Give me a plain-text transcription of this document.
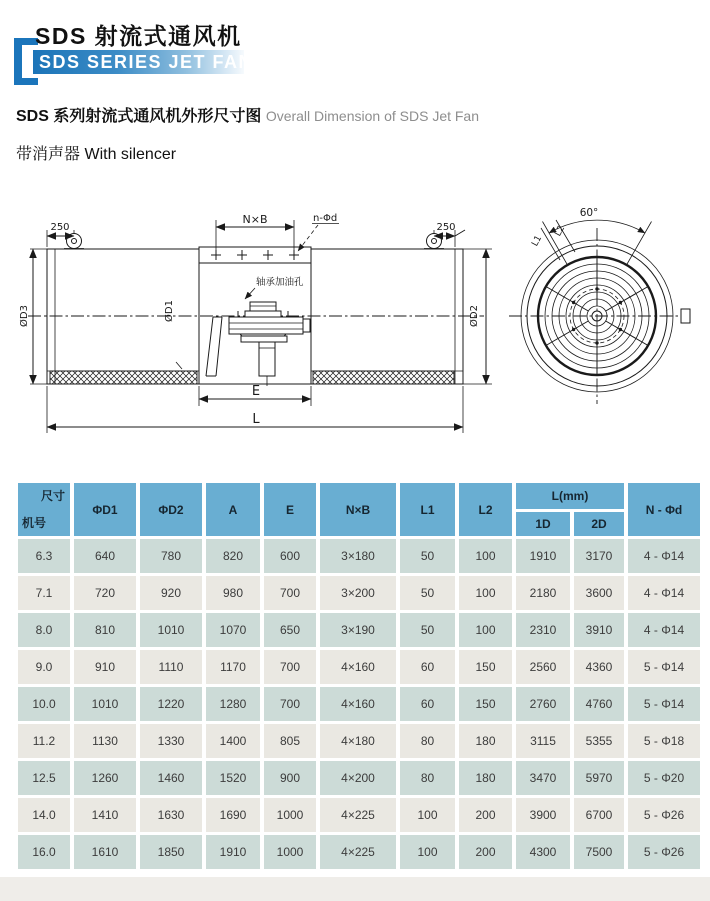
SDS 射流式通风机
SDS SERIES JET FAN
SDS 系列射流式通风机外形尺寸图 Overall Dimension of SDS Jet Fan
带消声器 With silencer
250	250
N×B	n-Φd
轴承加油孔
ØD3	ØD2
ØD1
E
L
60°
L1
L2
尺寸
机号	ΦD1	ΦD2	A	E	N×B	L1	L2	L(mm)		N - Φd
								1D	2D	
6.3	640	780	820	600	3×180	50	100	1910	3170	4 - Φ14
7.1	720	920	980	700	3×200	50	100	2180	3600	4 - Φ14
8.0	810	1010	1070	650	3×190	50	100	2310	3910	4 - Φ14
9.0	910	1110	1170	700	4×160	60	150	2560	4360	5 - Φ14
10.0	1010	1220	1280	700	4×160	60	150	2760	4760	5 - Φ14
11.2	1130	1330	1400	805	4×180	80	180	3115	5355	5 - Φ18
12.5	1260	1460	1520	900	4×200	80	180	3470	5970	5 - Φ20
14.0	1410	1630	1690	1000	4×225	100	200	3900	6700	5 - Φ26
16.0	1610	1850	1910	1000	4×225	100	200	4300	7500	5 - Φ26
